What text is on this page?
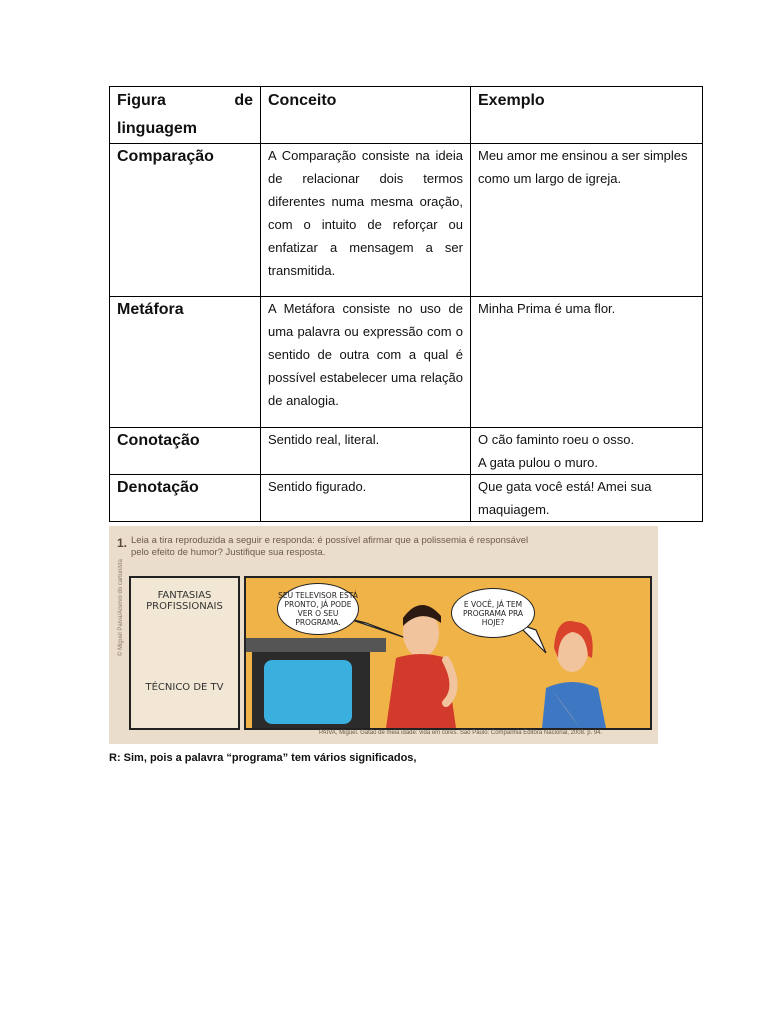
Figura de
linguagem	Conceito	Exemplo
Comparação	A Comparação consiste na ideia de relacionar dois termos diferentes numa mesma oração, com o intuito de reforçar ou enfatizar a mensagem a ser transmitida.	Meu amor me ensinou a ser simples como um largo de igreja.
Metáfora	A Metáfora consiste no uso de uma palavra ou expressão com o sentido de outra com a qual é possível estabelecer uma relação de analogia.	Minha Prima é uma flor.
Conotação	Sentido real, literal.	O cão faminto roeu o osso.
A gata pulou o muro.

Denotação	Sentido figurado.	Que gata você está! Amei sua maquiagem.
1. Leia a tira reproduzida a seguir e responda: é possível afirmar que a polissemia é responsável pelo efeito de humor? Justifique sua resposta.
© Miguel Paiva/Acervo do cartunista	FANTASIAS PROFISSIONAIS
TÉCNICO DE TV
SEU TELEVISOR ESTÁ PRONTO, JÁ PODE VER O SEU PROGRAMA.
E VOCÊ, JÁ TEM PROGRAMA PRA HOJE?
PAIVA, Miguel. Gatão de meia idade: vida em cores. São Paulo: Companhia Editora Nacional, 2008. p. 94.
R: Sim, pois a palavra “programa” tem vários significados,
